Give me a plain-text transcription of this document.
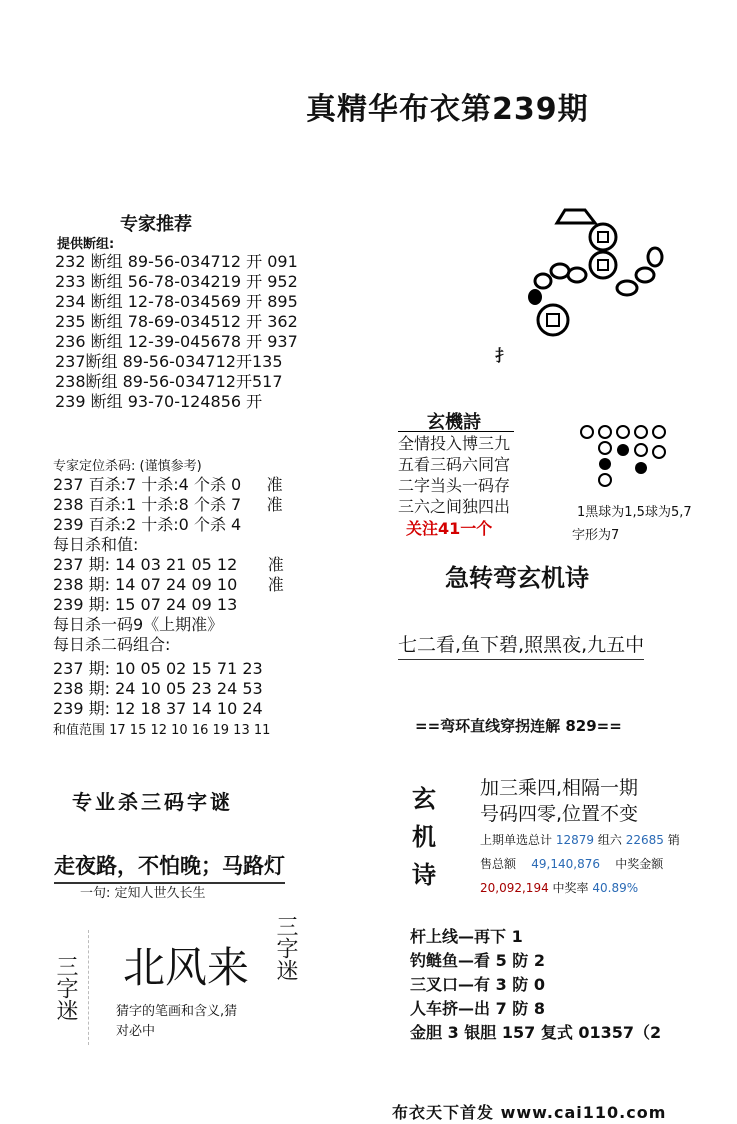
真精华布衣第239期
专家推荐
提供断组:
232 断组 89-56-034712 开 091
233 断组 56-78-034219 开 952
234 断组 12-78-034569 开 895
235 断组 78-69-034512 开 362
236 断组 12-39-045678 开 937
237断组 89-56-034712开135
238断组 89-56-034712开517
239 断组 93-70-124856 开
专家定位杀码: (谨慎参考)
237 百杀:7 十杀:4 个杀 0 准
238 百杀:1 十杀:8 个杀 7 准
239 百杀:2 十杀:0 个杀 4
每日杀和值:
237 期: 14 03 21 05 12 准
238 期: 14 07 24 09 10 准
239 期: 15 07 24 09 13
每日杀一码9《上期准》
每日杀二码组合:
237 期: 10 05 02 15 71 23
238 期: 24 10 05 23 24 53
239 期: 12 18 37 14 10 24
和值范围 17 15 12 10 16 19 13 11
专业杀三码字谜
走夜路，不怕晚；马路灯
一句: 定知人世久长生
三字迷 北风来
猜字的笔画和含义,猜
对必中
三字迷
扌
玄機詩
全情投入博三九
五看三码六同宫
二字当头一码存
三六之间独四出
关注41一个
1黑球为1,5球为5,7
字形为7
急转弯玄机诗
七二看,鱼下碧,照黑夜,九五中
==弯环直线穿拐连解 829==
玄
机
诗
加三乘四,相隔一期
号码四零,位置不变
上期单选总计 12879 组六 22685 销
售总额 49,140,876 中奖金额
20,092,194 中奖率 40.89%
杆上线—再下 1
钓鲢鱼—看 5 防 2
三叉口—有 3 防 0
人车挤—出 7 防 8
金胆 3 银胆 157 复式 01357（2
布衣天下首发 www.cai110.com
